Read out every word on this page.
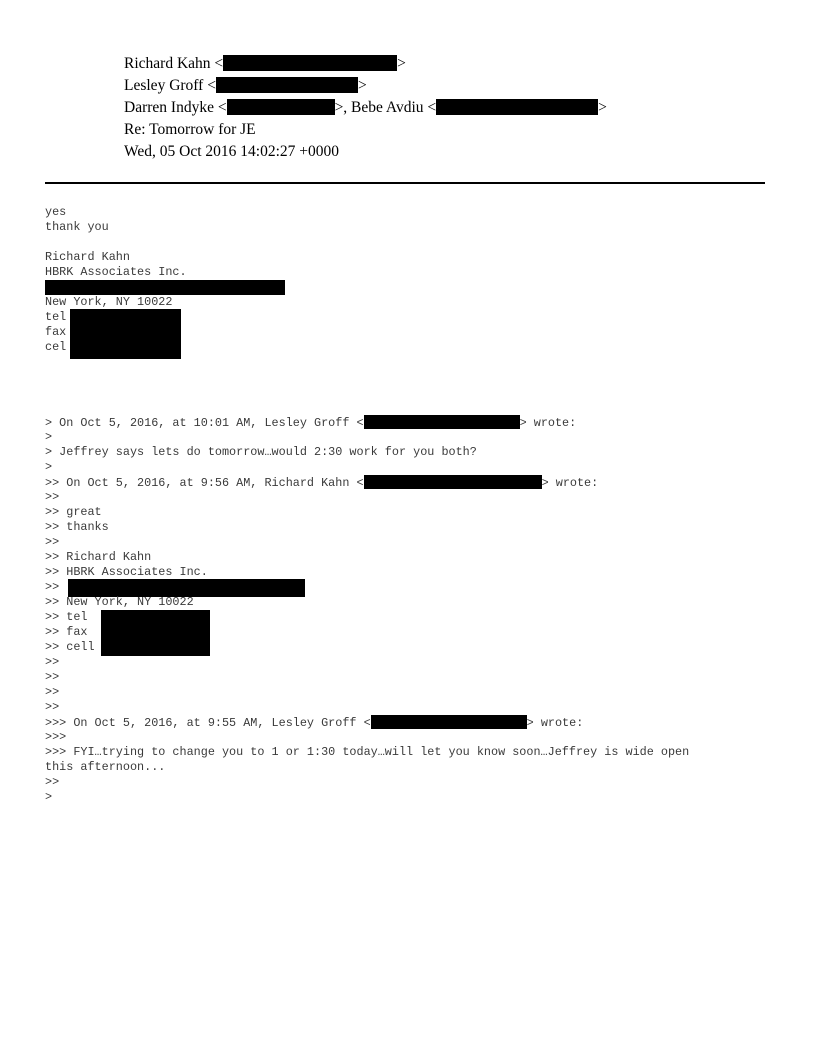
Richard Kahn <	>
Lesley Groff <	>
Darren Indyke <	>, Bebe Avdiu <	>
Re: Tomorrow for JE
Wed, 05 Oct 2016 14:02:27 +0000
yes
thank you
Richard Kahn
HBRK Associates Inc.
New York, NY 10022
tel
fax
cel
> On Oct 5, 2016, at 10:01 AM, Lesley Groff <	> wrote:
>
> Jeffrey says lets do tomorrow…would 2:30 work for you both?
>
>> On Oct 5, 2016, at 9:56 AM, Richard Kahn <	> wrote:
>>
>> great
>> thanks
>>
>> Richard Kahn
>> HBRK Associates Inc.
>>
>> New York, NY 10022
>> tel
>> fax
>> cell
>>
>>
>>
>>
>>> On Oct 5, 2016, at 9:55 AM, Lesley Groff <	> wrote:
>>>
>>> FYI…trying to change you to 1 or 1:30 today…will let you know soon…Jeffrey is wide open
this afternoon...
>>
>
